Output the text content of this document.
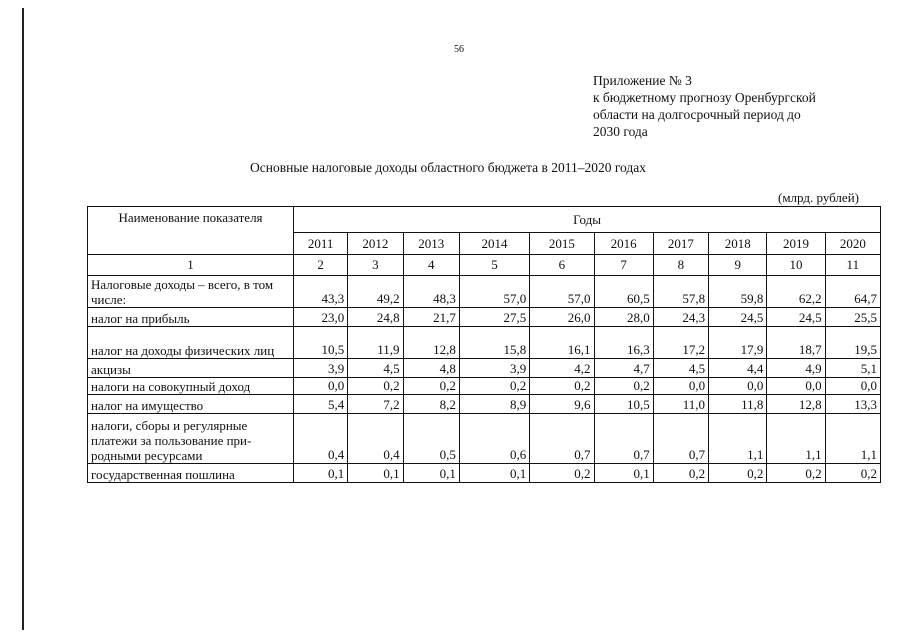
56
Приложение № 3
к бюджетному прогнозу Оренбургской
области на долгосрочный период до
2030 года
Основные налоговые доходы областного бюджета в 2011–2020 годах
(млрд. рублей)
Наименование показателя	Годы									
	2011	2012	2013	2014	2015	2016	2017	2018	2019	2020
1	2	3	4	5	6	7	8	9	10	11
Налоговые доходы – всего, в том числе:	43,3	49,2	48,3	57,0	57,0	60,5	57,8	59,8	62,2	64,7
налог на прибыль	23,0	24,8	21,7	27,5	26,0	28,0	24,3	24,5	24,5	25,5
налог на доходы физических лиц	10,5	11,9	12,8	15,8	16,1	16,3	17,2	17,9	18,7	19,5
акцизы	3,9	4,5	4,8	3,9	4,2	4,7	4,5	4,4	4,9	5,1
налоги на совокупный доход	0,0	0,2	0,2	0,2	0,2	0,2	0,0	0,0	0,0	0,0
налог на имущество	5,4	7,2	8,2	8,9	9,6	10,5	11,0	11,8	12,8	13,3
налоги, сборы и регулярные платежи за пользование при-родными ресурсами	0,4	0,4	0,5	0,6	0,7	0,7	0,7	1,1	1,1	1,1
государственная пошлина	0,1	0,1	0,1	0,1	0,2	0,1	0,2	0,2	0,2	0,2
